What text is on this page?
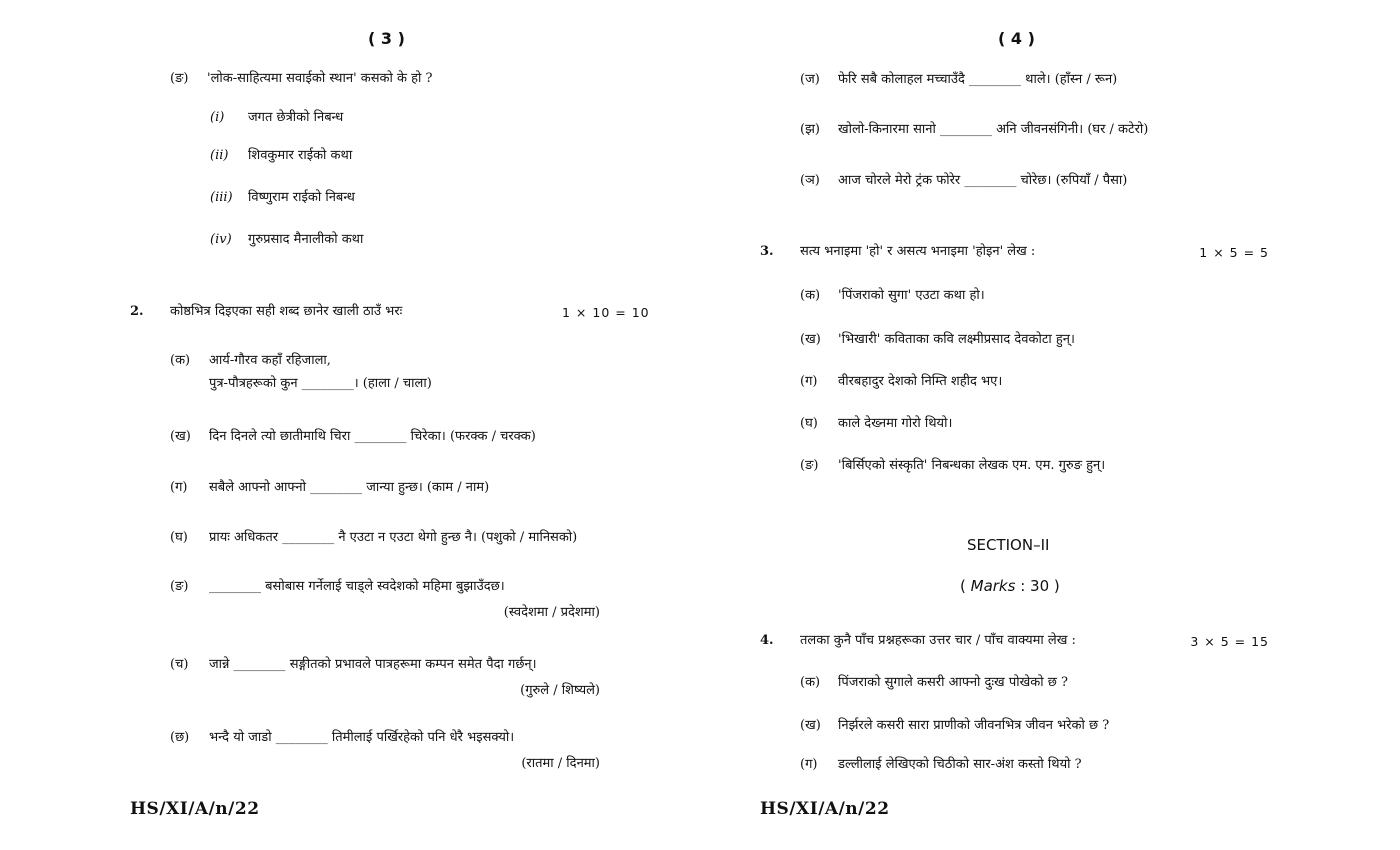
( 3 )
(ङ) 'लोक-साहित्यमा सवाईको स्थान' कसको के हो ?
(i) जगत छेत्रीको निबन्ध
(ii) शिवकुमार राईको कथा
(iii) विष्णुराम राईको निबन्ध
(iv) गुरुप्रसाद मैनालीको कथा
2. कोष्ठभित्र दिइएका सही शब्द छानेर खाली ठाउँ भरः	1 × 10 = 10
(क) आर्य-गौरव कहाँ रहिजाला,
पुत्र-पौत्रहरूको कुन ________। (हाला / चाला)
(ख) दिन दिनले त्यो छातीमाथि चिरा ________ चिरेका। (फरक्क / चरक्क)
(ग) सबैले आफ्नो आफ्नो ________ जान्या हुन्छ। (काम / नाम)
(घ) प्रायः अधिकतर ________ नै एउटा न एउटा थेगो हुन्छ नै। (पशुको / मानिसको)
(ङ) ________ बसोबास गर्नेलाई चाड्ले स्वदेशको महिमा बुझाउँदछ।
(स्वदेशमा / प्रदेशमा)
(च) जान्ने ________ सङ्गीतको प्रभावले पात्रहरूमा कम्पन समेत पैदा गर्छन्।
(गुरुले / शिष्यले)
(छ) भन्दै यो जाडो ________ तिमीलाई पर्खिरहेको पनि धेरै भइसक्यो।
(रातमा / दिनमा)
HS/XI/A/n/22
( 4 )
(ज) फेरि सबै कोलाहल मच्चाउँदै ________ थाले। (हाँस्न / रून)
(झ) खोलो-किनारमा सानो ________ अनि जीवनसंगिनी। (घर / कटेरो)
(ञ) आज चोरले मेरो ट्रंक फोरेर ________ चोरेछ। (रुपियाँ / पैसा)
3. सत्य भनाइमा 'हो' र असत्य भनाइमा 'होइन' लेख :	1 × 5 = 5
(क) 'पिंजराको सुगा' एउटा कथा हो।
(ख) 'भिखारी' कविताका कवि लक्ष्मीप्रसाद देवकोटा हुन्।
(ग) वीरबहादुर देशको निम्ति शहीद भए।
(घ) काले देख्नमा गोरो थियो।
(ङ) 'बिर्सिएको संस्कृति' निबन्धका लेखक एम. एम. गुरुङ हुन्।
SECTION–II
( Marks : 30 )
4. तलका कुनै पाँच प्रश्नहरूका उत्तर चार / पाँच वाक्यमा लेख :	3 × 5 = 15
(क) पिंजराको सुगाले कसरी आफ्नो दुःख पोखेको छ ?
(ख) निर्झरले कसरी सारा प्राणीको जीवनभित्र जीवन भरेको छ ?
(ग) डल्लीलाई लेखिएको चिठीको सार-अंश कस्तो थियो ?
HS/XI/A/n/22
